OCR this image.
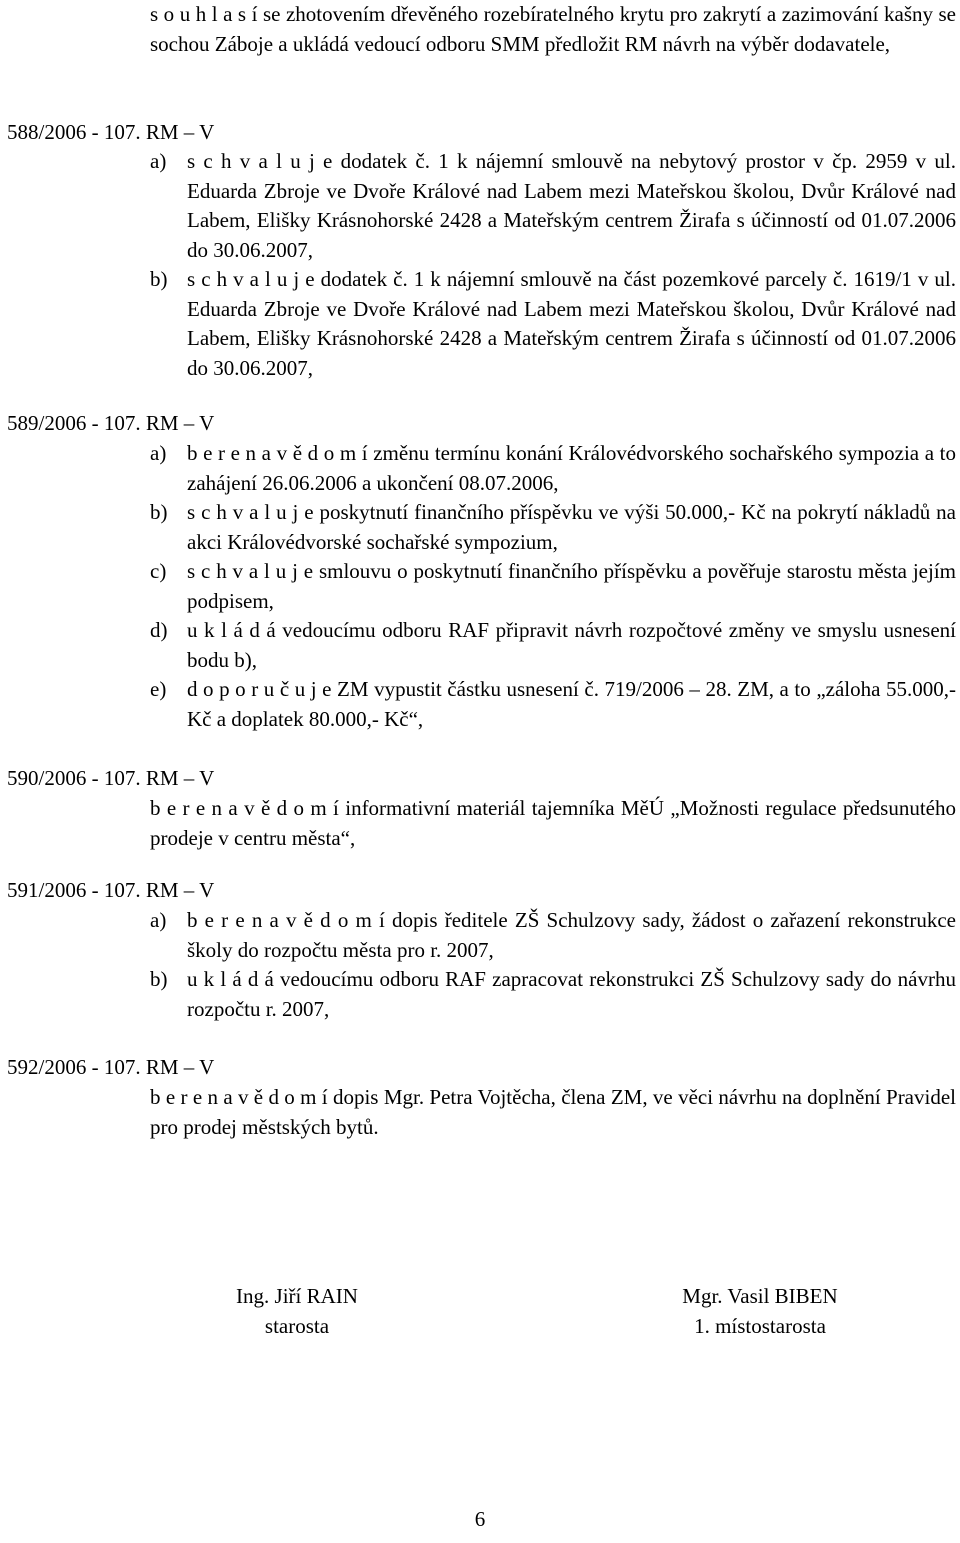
s o u h l a s í se zhotovením dřevěného rozebíratelného krytu pro zakrytí a zazimování kašny se sochou Záboje a ukládá vedoucí odboru SMM předložit RM návrh na výběr dodavatele,
588/2006 - 107. RM – V
a) s c h v a l u j e dodatek č. 1 k nájemní smlouvě na nebytový prostor v čp. 2959 v ul. Eduarda Zbroje ve Dvoře Králové nad Labem mezi Mateřskou školou, Dvůr Králové nad Labem, Elišky Krásnohorské 2428 a Mateřským centrem Žirafa s účinností od 01.07.2006 do 30.06.2007,
b) s c h v a l u j e dodatek č. 1 k nájemní smlouvě na část pozemkové parcely č. 1619/1 v ul. Eduarda Zbroje ve Dvoře Králové nad Labem mezi Mateřskou školou, Dvůr Králové nad Labem, Elišky Krásnohorské 2428 a Mateřským centrem Žirafa s účinností od 01.07.2006 do 30.06.2007,
589/2006 - 107. RM – V
a) b e r e n a v ě d o m í změnu termínu konání Královédvorského sochařského sympozia a to zahájení 26.06.2006 a ukončení 08.07.2006,
b) s c h v a l u j e poskytnutí finančního příspěvku ve výši 50.000,- Kč na pokrytí nákladů na akci Královédvorské sochařské sympozium,
c) s c h v a l u j e smlouvu o poskytnutí finančního příspěvku a pověřuje starostu města jejím podpisem,
d) u k l á d á vedoucímu odboru RAF připravit návrh rozpočtové změny ve smyslu usnesení bodu b),
e) d o p o r u č u j e ZM vypustit částku usnesení č. 719/2006 – 28. ZM, a to „záloha 55.000,- Kč a doplatek 80.000,- Kč“,
590/2006 - 107. RM – V
b e r e n a v ě d o m í informativní materiál tajemníka MěÚ „Možnosti regulace předsunutého prodeje v centru města“,
591/2006 - 107. RM – V
a) b e r e n a v ě d o m í dopis ředitele ZŠ Schulzovy sady, žádost o zařazení rekonstrukce školy do rozpočtu města pro r. 2007,
b) u k l á d á vedoucímu odboru RAF zapracovat rekonstrukci ZŠ Schulzovy sady do návrhu rozpočtu r. 2007,
592/2006 - 107. RM – V
b e r e n a v ě d o m í dopis Mgr. Petra Vojtěcha, člena ZM, ve věci návrhu na doplnění Pravidel pro prodej městských bytů.
Ing. Jiří RAIN
starosta
Mgr. Vasil BIBEN
1. místostarosta
6
